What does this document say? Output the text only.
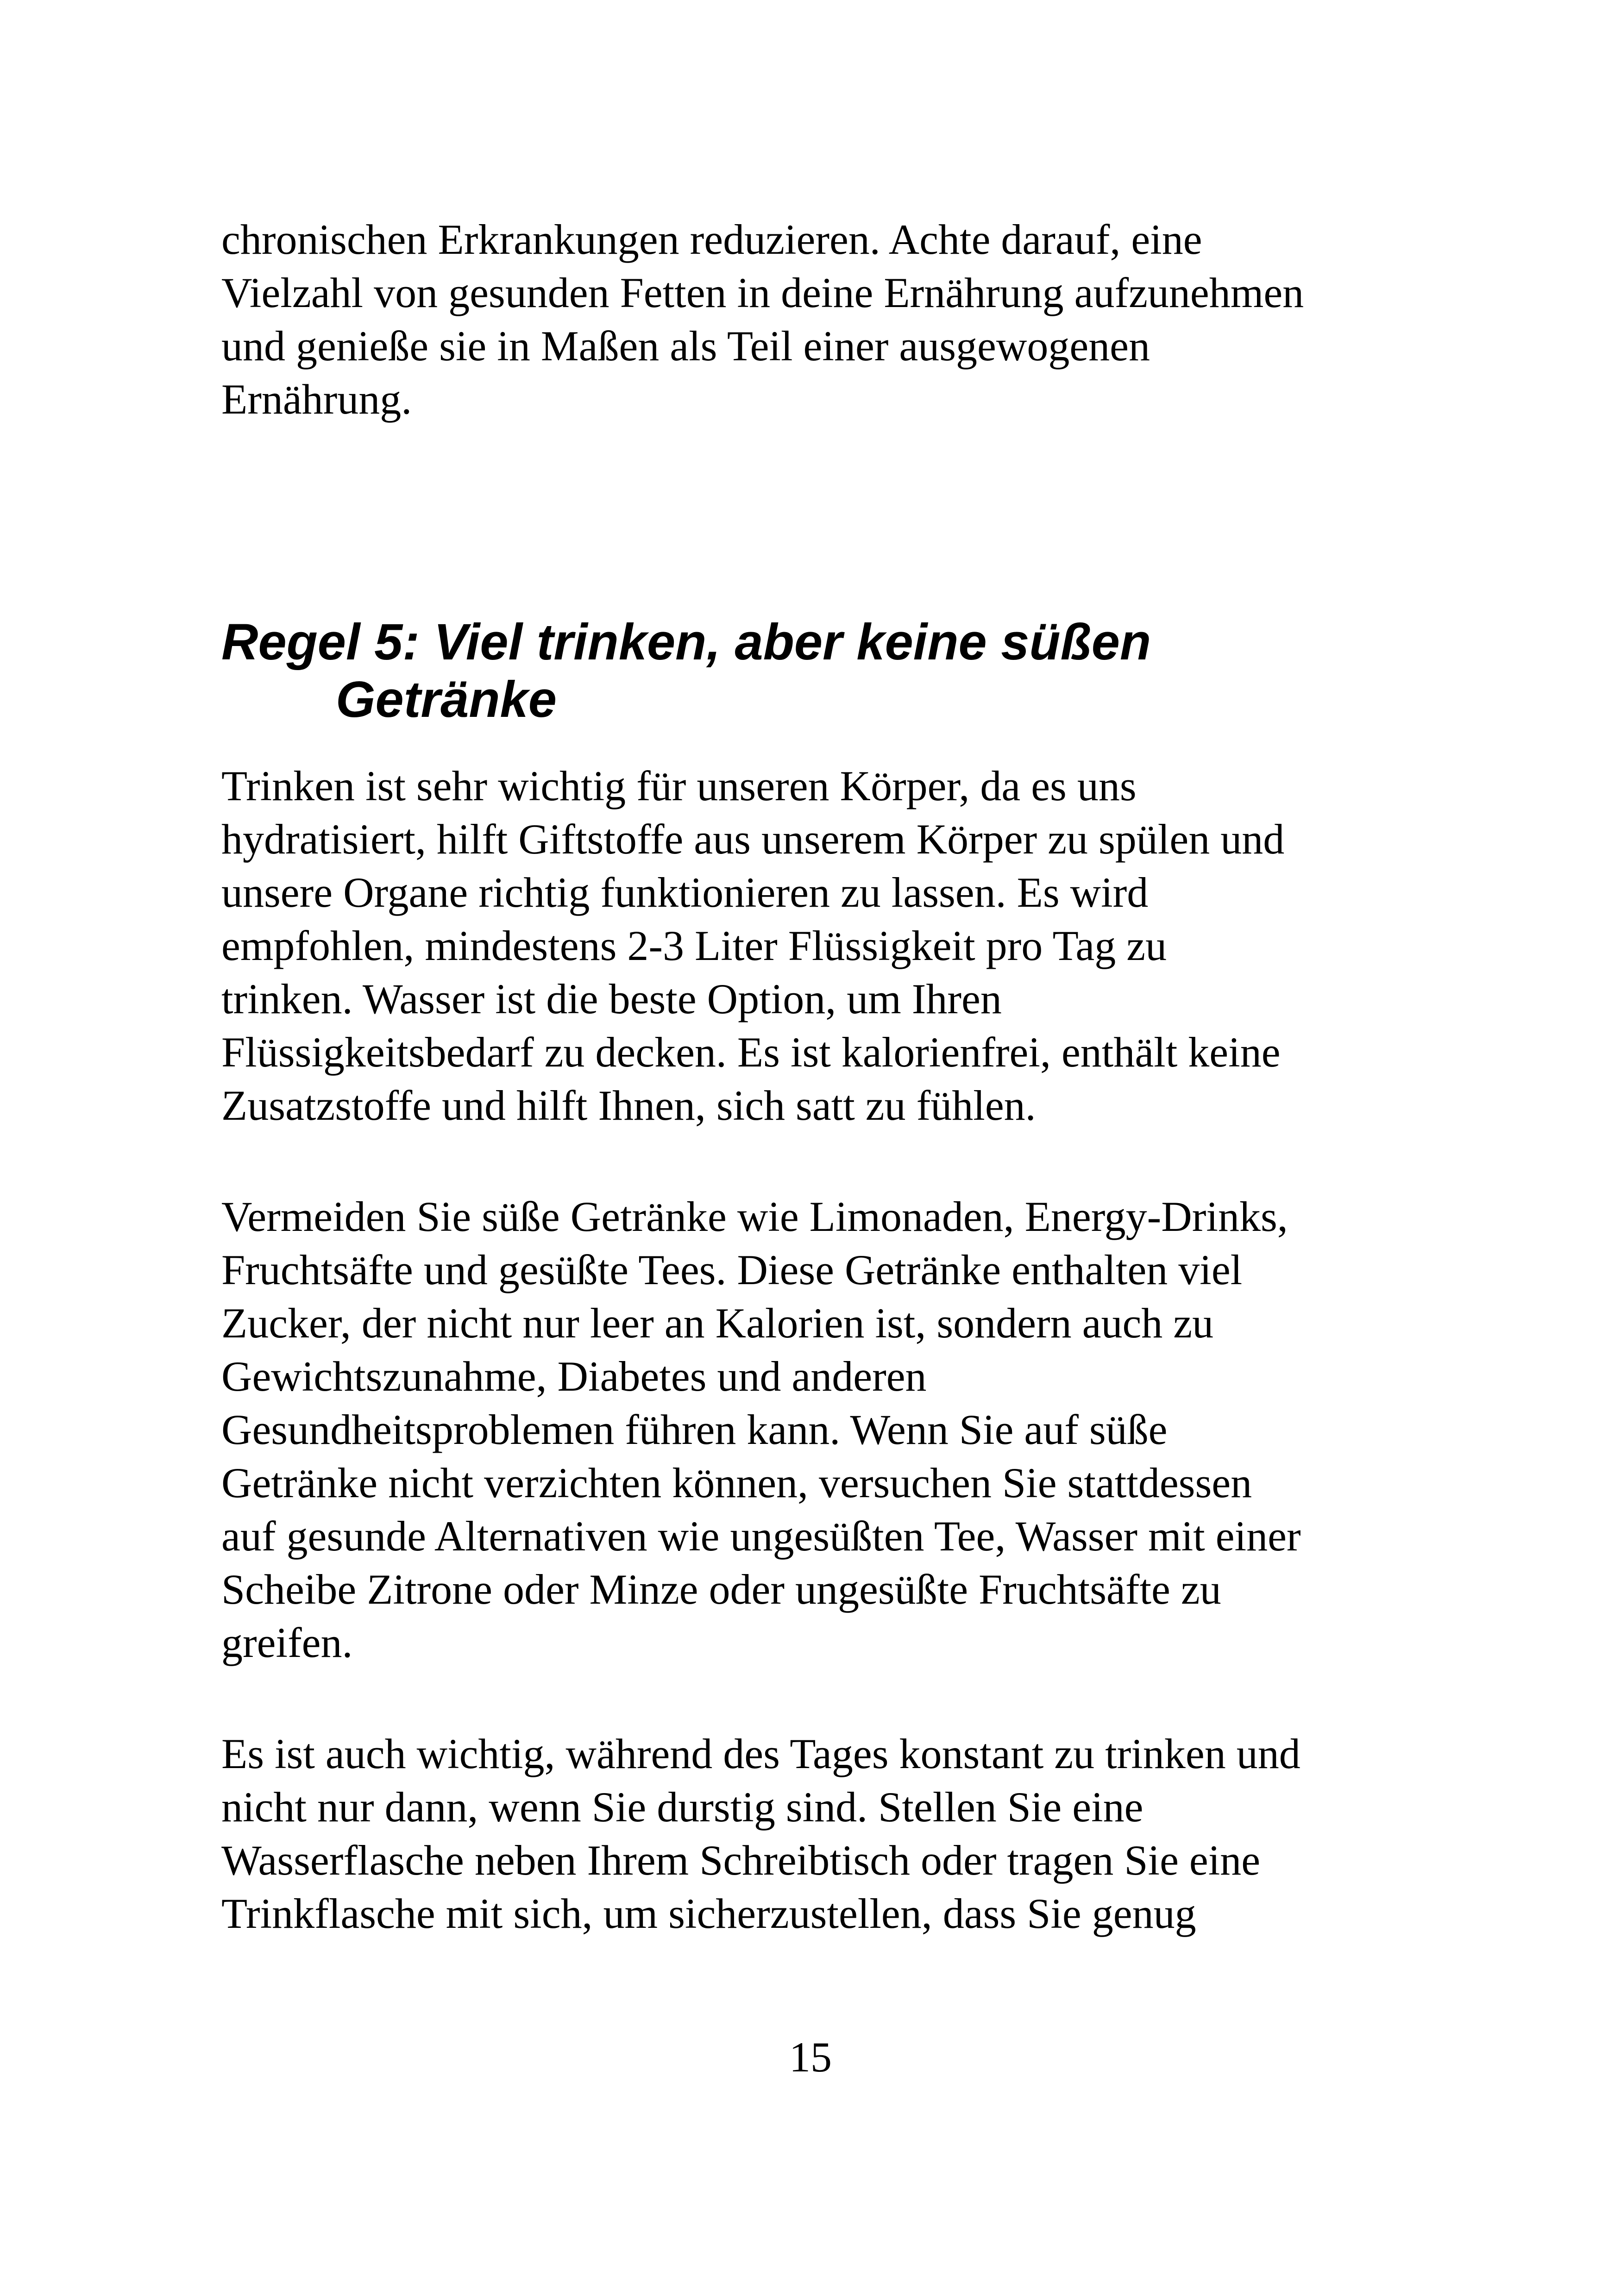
chronischen Erkrankungen reduzieren. Achte darauf, eine
Vielzahl von gesunden Fetten in deine Ernährung aufzunehmen
und genieße sie in Maßen als Teil einer ausgewogenen
Ernährung.

Regel 5: Viel trinken, aber keine süßen
Getränke

Trinken ist sehr wichtig für unseren Körper, da es uns
hydratisiert, hilft Giftstoffe aus unserem Körper zu spülen und
unsere Organe richtig funktionieren zu lassen. Es wird
empfohlen, mindestens 2-3 Liter Flüssigkeit pro Tag zu
trinken. Wasser ist die beste Option, um Ihren
Flüssigkeitsbedarf zu decken. Es ist kalorienfrei, enthält keine
Zusatzstoffe und hilft Ihnen, sich satt zu fühlen.

Vermeiden Sie süße Getränke wie Limonaden, Energy-Drinks,
Fruchtsäfte und gesüßte Tees. Diese Getränke enthalten viel
Zucker, der nicht nur leer an Kalorien ist, sondern auch zu
Gewichtszunahme, Diabetes und anderen
Gesundheitsproblemen führen kann. Wenn Sie auf süße
Getränke nicht verzichten können, versuchen Sie stattdessen
auf gesunde Alternativen wie ungesüßten Tee, Wasser mit einer
Scheibe Zitrone oder Minze oder ungesüßte Fruchtsäfte zu
greifen.

Es ist auch wichtig, während des Tages konstant zu trinken und
nicht nur dann, wenn Sie durstig sind. Stellen Sie eine
Wasserflasche neben Ihrem Schreibtisch oder tragen Sie eine
Trinkflasche mit sich, um sicherzustellen, dass Sie genug

15
